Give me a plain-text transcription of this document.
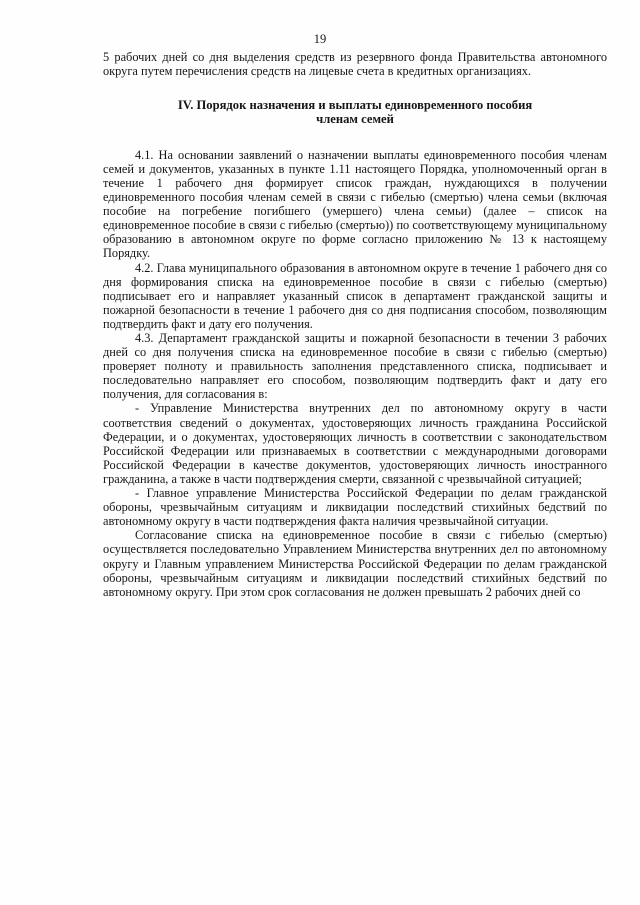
19

5 рабочих дней со дня выделения средств из резервного фонда Правительства автономного округа путем перечисления средств на лицевые счета в кредитных организациях.

IV. Порядок назначения и выплаты единовременного пособия
членам семей

4.1. На основании заявлений о назначении выплаты единовременного пособия членам семей и документов, указанных в пункте 1.11 настоящего Порядка, уполномоченный орган в течение 1 рабочего дня формирует список граждан, нуждающихся в получении единовременного пособия членам семей в связи с гибелью (смертью) члена семьи (включая пособие на погребение погибшего (умершего) члена семьи) (далее – список на единовременное пособие в связи с гибелью (смертью)) по соответствующему муниципальному образованию в автономном округе по форме согласно приложению № 13 к настоящему Порядку.

4.2. Глава муниципального образования в автономном округе в течение 1 рабочего дня со дня формирования списка на единовременное пособие в связи с гибелью (смертью) подписывает его и направляет указанный список в департамент гражданской защиты и пожарной безопасности в течение 1 рабочего дня со дня подписания способом, позволяющим подтвердить факт и дату его получения.

4.3. Департамент гражданской защиты и пожарной безопасности в течении 3 рабочих дней со дня получения списка на единовременное пособие в связи с гибелью (смертью) проверяет полноту и правильность заполнения представленного списка, подписывает и последовательно направляет его способом, позволяющим подтвердить факт и дату его получения, для согласования в:

- Управление Министерства внутренних дел по автономному округу в части соответствия сведений о документах, удостоверяющих личность гражданина Российской Федерации, и о документах, удостоверяющих личность в соответствии с законодательством Российской Федерации или признаваемых в соответствии с международными договорами Российской Федерации в качестве документов, удостоверяющих личность иностранного гражданина, а также в части подтверждения смерти, связанной с чрезвычайной ситуацией;

- Главное управление Министерства Российской Федерации по делам гражданской обороны, чрезвычайным ситуациям и ликвидации последствий стихийных бедствий по автономному округу в части подтверждения факта наличия чрезвычайной ситуации.

Согласование списка на единовременное пособие в связи с гибелью (смертью) осуществляется последовательно Управлением Министерства внутренних дел по автономному округу и Главным управлением Министерства Российской Федерации по делам гражданской обороны, чрезвычайным ситуациям и ликвидации последствий стихийных бедствий по автономному округу. При этом срок согласования не должен превышать 2 рабочих дней со
